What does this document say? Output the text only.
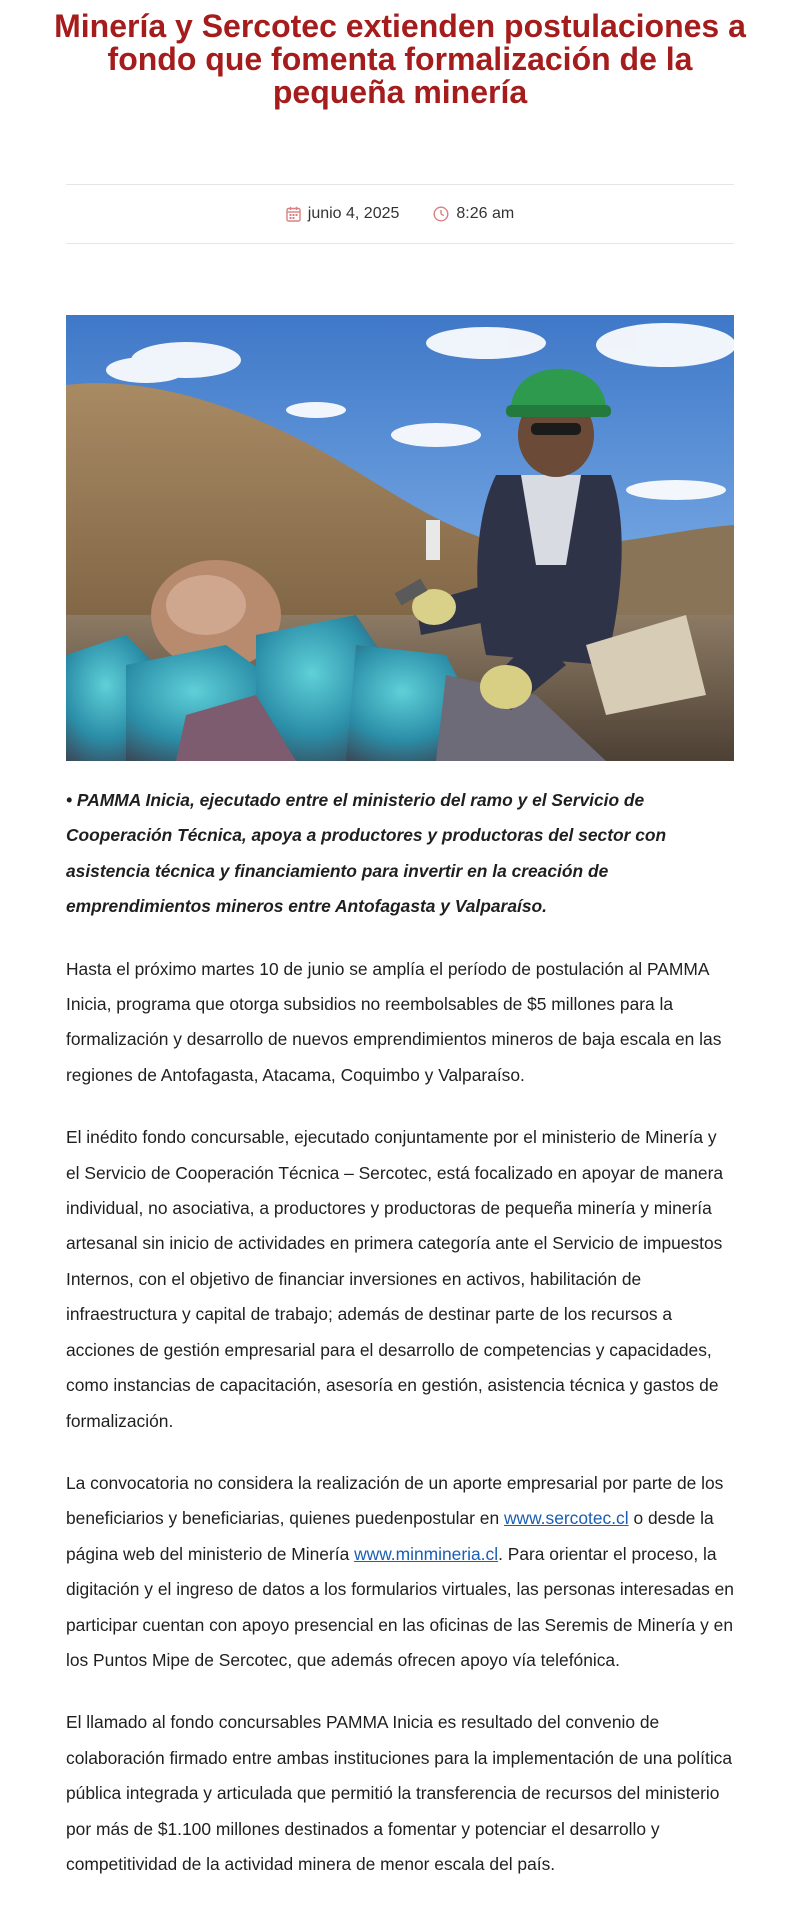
Minería y Sercotec extienden postulaciones a fondo que fomenta formalización de la pequeña minería
junio 4, 2025	8:26 am

• PAMMA Inicia, ejecutado entre el ministerio del ramo y el Servicio de Cooperación Técnica, apoya a productores y productoras del sector con asistencia técnica y financiamiento para invertir en la creación de emprendimientos mineros entre Antofagasta y Valparaíso.

Hasta el próximo martes 10 de junio se amplía el período de postulación al PAMMA Inicia, programa que otorga subsidios no reembolsables de $5 millones para la formalización y desarrollo de nuevos emprendimientos mineros de baja escala en las regiones de Antofagasta, Atacama, Coquimbo y Valparaíso.

El inédito fondo concursable, ejecutado conjuntamente por el ministerio de Minería y el Servicio de Cooperación Técnica – Sercotec, está focalizado en apoyar de manera individual, no asociativa, a productores y productoras de pequeña minería y minería artesanal sin inicio de actividades en primera categoría ante el Servicio de impuestos Internos, con el objetivo de financiar inversiones en activos, habilitación de infraestructura y capital de trabajo; además de destinar parte de los recursos a acciones de gestión empresarial para el desarrollo de competencias y capacidades, como instancias de capacitación, asesoría en gestión, asistencia técnica y gastos de formalización.

La convocatoria no considera la realización de un aporte empresarial por parte de los beneficiarios y beneficiarias, quienes puedenpostular en www.sercotec.cl o desde la página web del ministerio de Minería www.minmineria.cl. Para orientar el proceso, la digitación y el ingreso de datos a los formularios virtuales, las personas interesadas en participar cuentan con apoyo presencial en las oficinas de las Seremis de Minería y en los Puntos Mipe de Sercotec, que además ofrecen apoyo vía telefónica.

El llamado al fondo concursables PAMMA Inicia es resultado del convenio de colaboración firmado entre ambas instituciones para la implementación de una política pública integrada y articulada que permitió la transferencia de recursos del ministerio por más de $1.100 millones destinados a fomentar y potenciar el desarrollo y competitividad de la actividad minera de menor escala del país.
